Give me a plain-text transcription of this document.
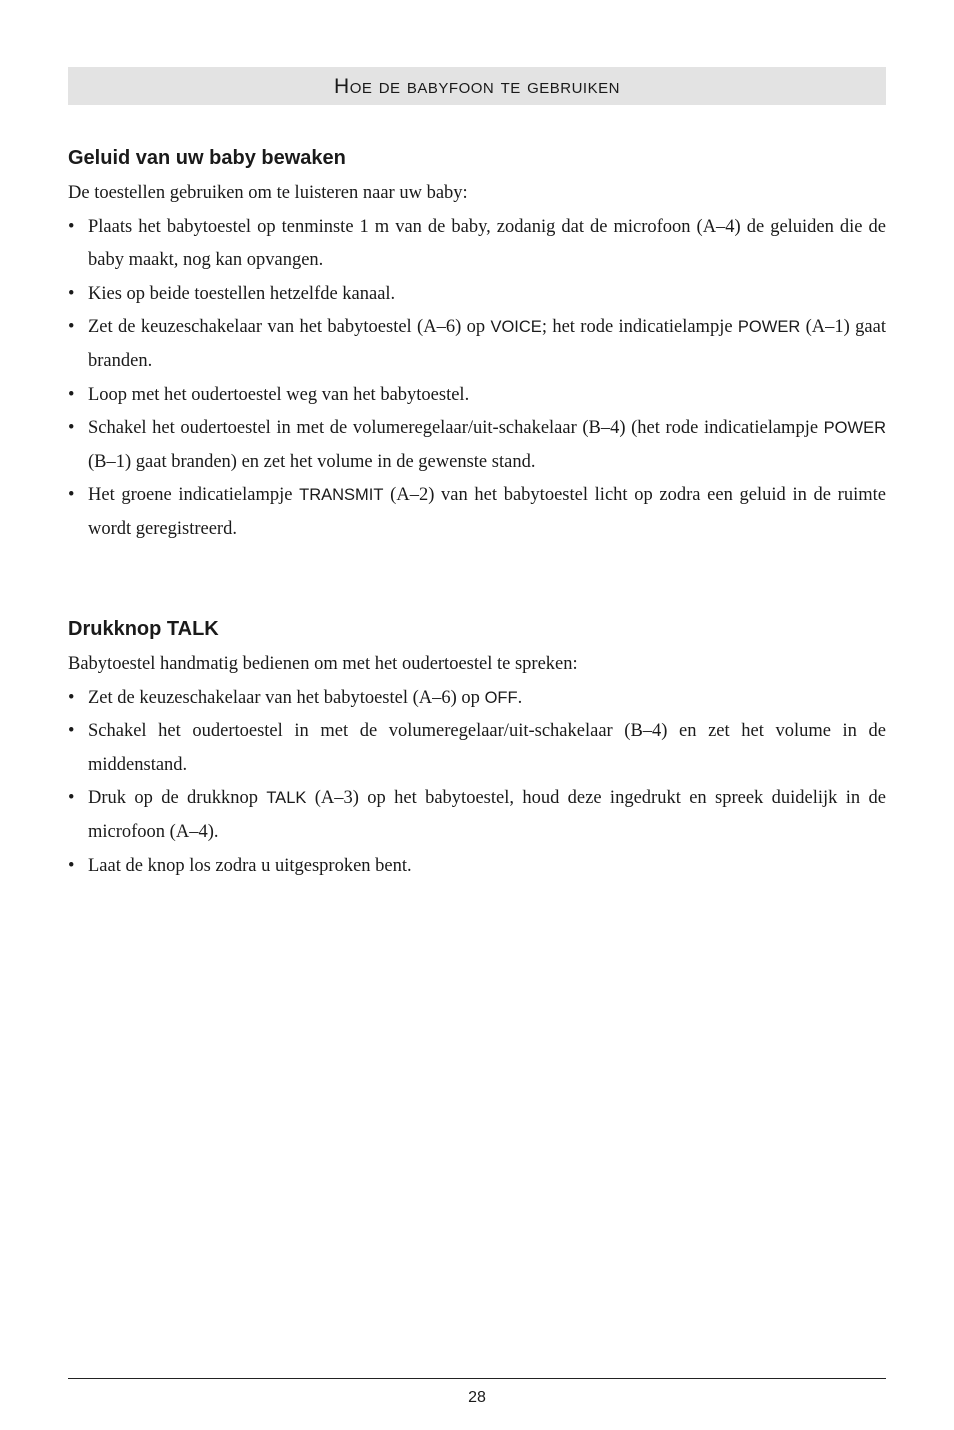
Hoe de babyfoon te gebruiken
Geluid van uw baby bewaken

De toestellen gebruiken om te luisteren naar uw baby:

• Plaats het babytoestel op tenminste 1 m van de baby, zodanig dat de microfoon (A–4) de geluiden die de baby maakt, nog kan opvangen.
• Kies op beide toestellen hetzelfde kanaal.
• Zet de keuzeschakelaar van het babytoestel (A–6) op VOICE; het rode indicatielampje POWER (A–1) gaat branden.
• Loop met het oudertoestel weg van het babytoestel.
• Schakel het oudertoestel in met de volumeregelaar/uit-schakelaar (B–4) (het rode indicatielampje POWER (B–1) gaat branden) en zet het volume in de gewenste stand.
• Het groene indicatielampje TRANSMIT (A–2) van het babytoestel licht op zodra een geluid in de ruimte wordt geregistreerd.
Drukknop TALK

Babytoestel handmatig bedienen om met het oudertoestel te spreken:

• Zet de keuzeschakelaar van het babytoestel (A–6) op OFF.
• Schakel het oudertoestel in met de volumeregelaar/uit-schakelaar (B–4) en zet het volume in de middenstand.
• Druk op de drukknop TALK (A–3) op het babytoestel, houd deze ingedrukt en spreek duidelijk in de microfoon (A–4).
• Laat de knop los zodra u uitgesproken bent.
28
